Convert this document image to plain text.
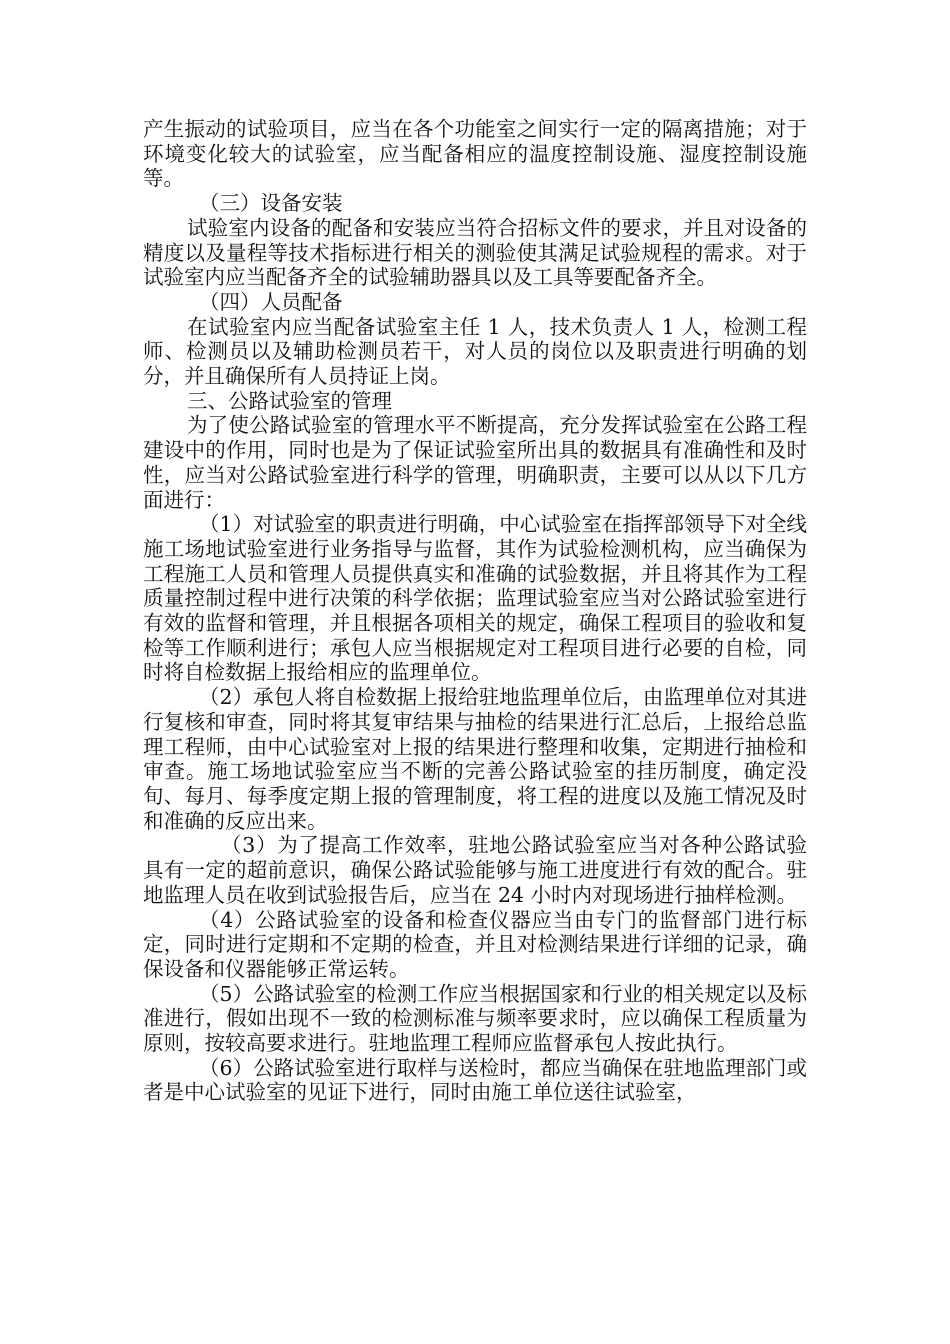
产生振动的试验项目，应当在各个功能室之间实行一定的隔离措施；对于环境变化较大的试验室，应当配备相应的温度控制设施、湿度控制设施等。

（三）设备安装

试验室内设备的配备和安装应当符合招标文件的要求，并且对设备的精度以及量程等技术指标进行相关的测验使其满足试验规程的需求。对于试验室内应当配备齐全的试验辅助器具以及工具等要配备齐全。

（四）人员配备

在试验室内应当配备试验室主任 1 人，技术负责人 1 人，检测工程师、检测员以及辅助检测员若干，对人员的岗位以及职责进行明确的划分，并且确保所有人员持证上岗。

三、公路试验室的管理

为了使公路试验室的管理水平不断提高，充分发挥试验室在公路工程建设中的作用，同时也是为了保证试验室所出具的数据具有准确性和及时性，应当对公路试验室进行科学的管理，明确职责，主要可以从以下几方面进行：

（1）对试验室的职责进行明确，中心试验室在指挥部领导下对全线施工场地试验室进行业务指导与监督，其作为试验检测机构，应当确保为工程施工人员和管理人员提供真实和准确的试验数据，并且将其作为工程质量控制过程中进行决策的科学依据；监理试验室应当对公路试验室进行有效的监督和管理，并且根据各项相关的规定，确保工程项目的验收和复检等工作顺利进行；承包人应当根据规定对工程项目进行必要的自检，同时将自检数据上报给相应的监理单位。

（2）承包人将自检数据上报给驻地监理单位后，由监理单位对其进行复核和审查，同时将其复审结果与抽检的结果进行汇总后，上报给总监理工程师，由中心试验室对上报的结果进行整理和收集，定期进行抽检和审查。施工场地试验室应当不断的完善公路试验室的挂历制度，确定没旬、每月、每季度定期上报的管理制度，将工程的进度以及施工情况及时和准确的反应出来。

（3）为了提高工作效率，驻地公路试验室应当对各种公路试验具有一定的超前意识，确保公路试验能够与施工进度进行有效的配合。驻地监理人员在收到试验报告后，应当在 24 小时内对现场进行抽样检测。

（4）公路试验室的设备和检查仪器应当由专门的监督部门进行标定，同时进行定期和不定期的检查，并且对检测结果进行详细的记录，确保设备和仪器能够正常运转。

（5）公路试验室的检测工作应当根据国家和行业的相关规定以及标准进行，假如出现不一致的检测标准与频率要求时，应以确保工程质量为原则，按较高要求进行。驻地监理工程师应监督承包人按此执行。

（6）公路试验室进行取样与送检时，都应当确保在驻地监理部门或者是中心试验室的见证下进行，同时由施工单位送往试验室，
